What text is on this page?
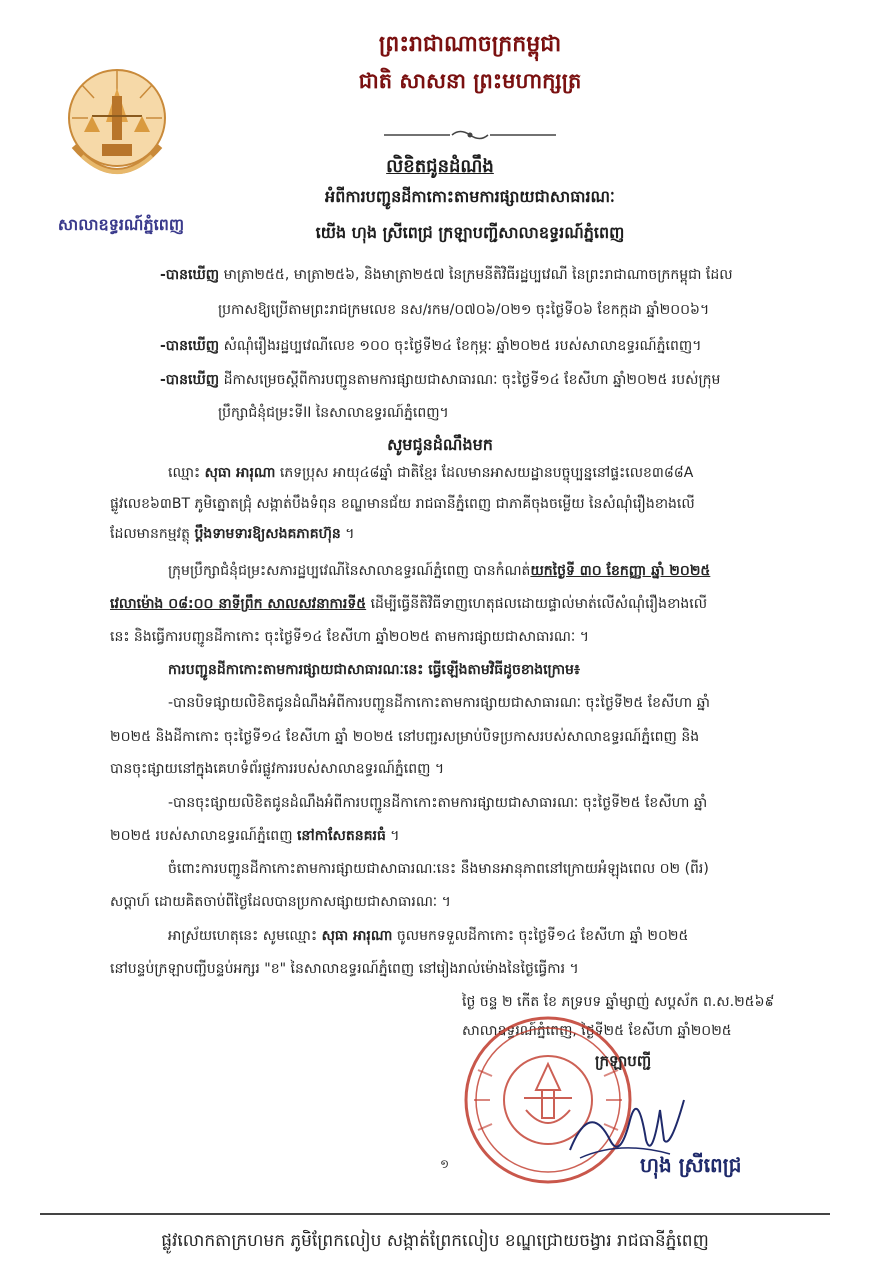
សាលាឧទ្ធរណ៍ភ្នំពេញ
ព្រះរាជាណាចក្រកម្ពុជា
ជាតិ សាសនា ព្រះមហាក្សត្រ
លិខិតជូនដំណឹង
អំពីការបញ្ជូនដីកាកោះតាមការផ្សាយជាសាធារណៈ
យើង ហុង ស្រីពេជ្រ ក្រឡាបញ្ជីសាលាឧទ្ធរណ៍ភ្នំពេញ
-បានឃើញ មាត្រា២៥៥, មាត្រា២៥៦, និងមាត្រា២៥៧ នៃក្រមនីតិវិធីរដ្ឋប្បវេណី នៃព្រះរាជាណាចក្រកម្ពុជា ដែល
ប្រកាសឱ្យប្រើតាមព្រះរាជក្រមលេខ នស/រកម/០៧០៦/០២១ ចុះថ្ងៃទី០៦ ខែកក្កដា ឆ្នាំ២០០៦។
-បានឃើញ សំណុំរឿងរដ្ឋប្បវេណីលេខ ១០០ ចុះថ្ងៃទី២៤ ខែកុម្ភៈ ឆ្នាំ២០២៥ របស់សាលាឧទ្ធរណ៍ភ្នំពេញ។
-បានឃើញ ដីកាសម្រេចស្ដីពីការបញ្ជូនតាមការផ្សាយជាសាធារណៈ ចុះថ្ងៃទី១៤ ខែសីហា ឆ្នាំ២០២៥ របស់ក្រុម
ប្រឹក្សាជំនុំជម្រះទីII នៃសាលាឧទ្ធរណ៍ភ្នំពេញ។
សូមជូនដំណឹងមក
ឈ្មោះ សុធា អារុណា ភេទប្រុស អាយុ៤៨ឆ្នាំ ជាតិខ្មែរ ដែលមានអាសយដ្ឋានបច្ចុប្បន្ននៅផ្ទះលេខ៣៨៨A
ផ្លូវលេខ៦៣BT ភូមិត្នោតជ្រុំ សង្កាត់បឹងទំពុន ខណ្ឌមានជ័យ រាជធានីភ្នំពេញ ជាភាគីចុងចម្លើយ នៃសំណុំរឿងខាងលើ
ដែលមានកម្មវត្ថុ ប្ដឹងទាមទារឱ្យសងគភាគហ៊ុន ។
ក្រុមប្រឹក្សាជំនុំជម្រះសភារដ្ឋប្បវេណីនៃសាលាឧទ្ធរណ៍ភ្នំពេញ បានកំណត់យកថ្ងៃទី ៣០ ខែកញ្ញា ឆ្នាំ ២០២៥
វេលាម៉ោង ០៨:០០ នាទីព្រឹក សាលសវនាការទី៥ ដើម្បីធ្វើនីតិវិធីទាញហេតុផលដោយផ្ទាល់មាត់លើសំណុំរឿងខាងលើ
នេះ និងធ្វើការបញ្ជូនដីកាកោះ ចុះថ្ងៃទី១៤ ខែសីហា ឆ្នាំ២០២៥ តាមការផ្សាយជាសាធារណៈ ។
ការបញ្ជូនដីកាកោះតាមការផ្សាយជាសាធារណៈនេះ ធ្វើឡើងតាមវិធីដូចខាងក្រោម៖
-បានបិទផ្សាយលិខិតជូនដំណឹងអំពីការបញ្ជូនដីកាកោះតាមការផ្សាយជាសាធារណៈ ចុះថ្ងៃទី២៥ ខែសីហា ឆ្នាំ
២០២៥ និងដីកាកោះ ចុះថ្ងៃទី១៤ ខែសីហា ឆ្នាំ ២០២៥ នៅបញ្ជរសម្រាប់បិទប្រកាសរបស់សាលាឧទ្ធរណ៍ភ្នំពេញ និង
បានចុះផ្សាយនៅក្នុងគេហទំព័រផ្លូវការរបស់សាលាឧទ្ធរណ៍ភ្នំពេញ ។
-បានចុះផ្សាយលិខិតជូនដំណឹងអំពីការបញ្ជូនដីកាកោះតាមការផ្សាយជាសាធារណៈ ចុះថ្ងៃទី២៥ ខែសីហា ឆ្នាំ
២០២៥ របស់សាលាឧទ្ធរណ៍ភ្នំពេញ នៅកាសែតនគរធំ ។
ចំពោះការបញ្ជូនដីកាកោះតាមការផ្សាយជាសាធារណៈនេះ នឹងមានអានុភាពនៅក្រោយអំឡុងពេល ០២ (ពីរ)
សប្ដាហ៍ ដោយគិតចាប់ពីថ្ងៃដែលបានប្រកាសផ្សាយជាសាធារណៈ ។
អាស្រ័យហេតុនេះ សូមឈ្មោះ សុធា អារុណា ចូលមកទទួលដីកាកោះ ចុះថ្ងៃទី១៤ ខែសីហា ឆ្នាំ ២០២៥
នៅបន្ទប់ក្រឡាបញ្ជីបន្ទប់អក្សរ "ខ" នៃសាលាឧទ្ធរណ៍ភ្នំពេញ នៅរៀងរាល់ម៉ោងនៃថ្ងៃធ្វើការ ។
ថ្ងៃ ចន្ទ ២ កើត ខែ ភទ្របទ ឆ្នាំម្សាញ់ សប្តស័ក ព.ស.២៥៦៩
សាលាឧទ្ធរណ៍ភ្នំពេញ, ថ្ងៃទី២៥ ខែសីហា ឆ្នាំ២០២៥
ក្រឡាបញ្ជី
១	ហុង ស្រីពេជ្រ
ផ្លូវលោកតាក្រហមក ភូមិព្រែកលៀប សង្កាត់ព្រែកលៀប ខណ្ឌជ្រោយចង្វារ រាជធានីភ្នំពេញ
